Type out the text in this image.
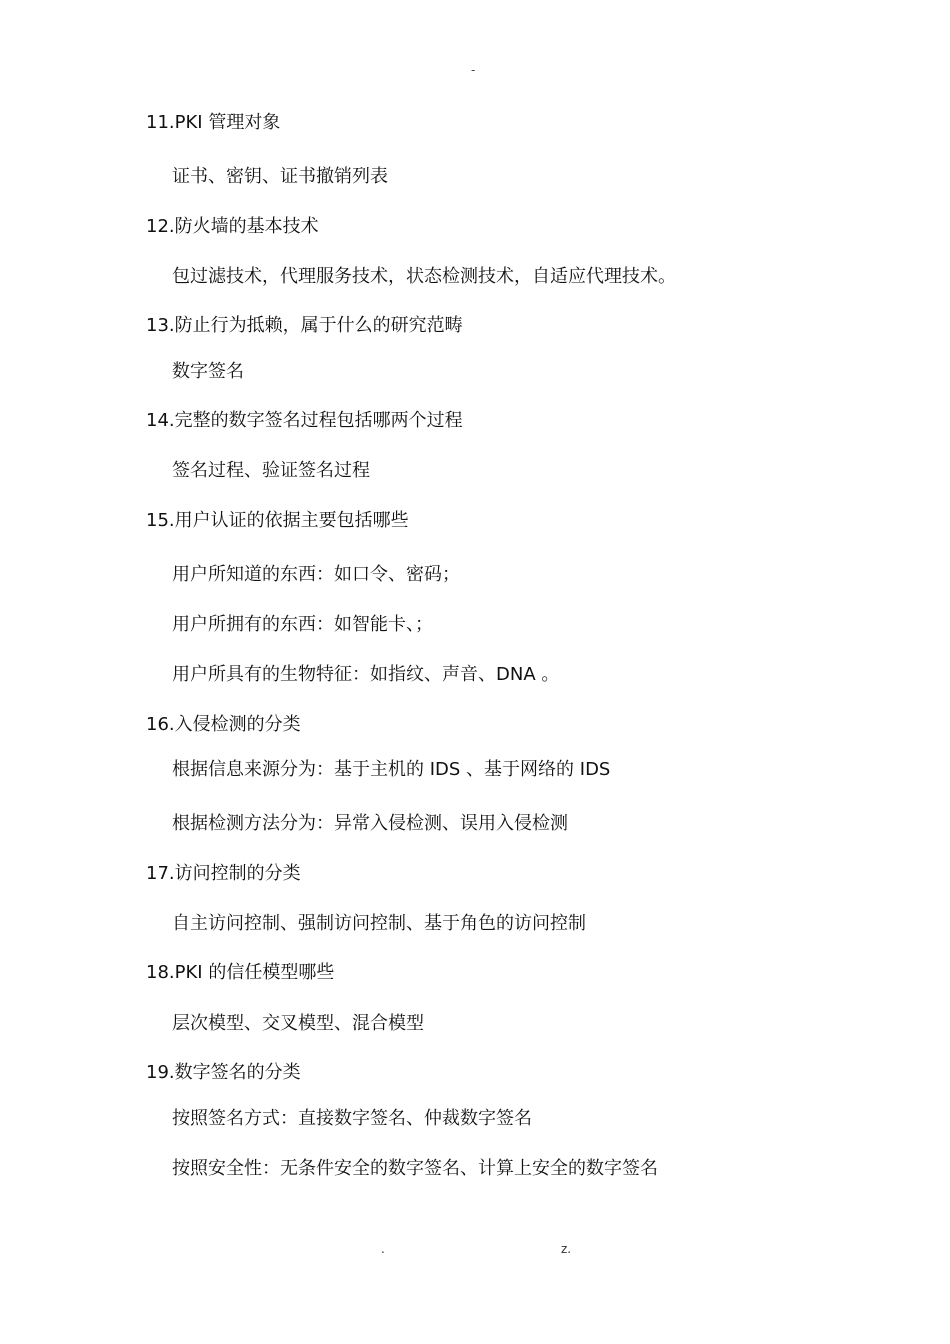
-
11.PKI 管理对象
证书、密钥、证书撤销列表
12.防火墙的基本技术
包过滤技术，代理服务技术，状态检测技术，自适应代理技术。
13.防止行为抵赖，属于什么的研究范畴
数字签名
14.完整的数字签名过程包括哪两个过程
签名过程、验证签名过程
15.用户认证的依据主要包括哪些
用户所知道的东西：如口令、密码；
用户所拥有的东西：如智能卡、；
用户所具有的生物特征：如指纹、声音、DNA 。
16.入侵检测的分类
根据信息来源分为：基于主机的 IDS 、基于网络的 IDS
根据检测方法分为：异常入侵检测、误用入侵检测
17.访问控制的分类
自主访问控制、强制访问控制、基于角色的访问控制
18.PKI 的信任模型哪些
层次模型、交叉模型、混合模型
19.数字签名的分类
按照签名方式：直接数字签名、仲裁数字签名
按照安全性：无条件安全的数字签名、计算上安全的数字签名
.	z.
